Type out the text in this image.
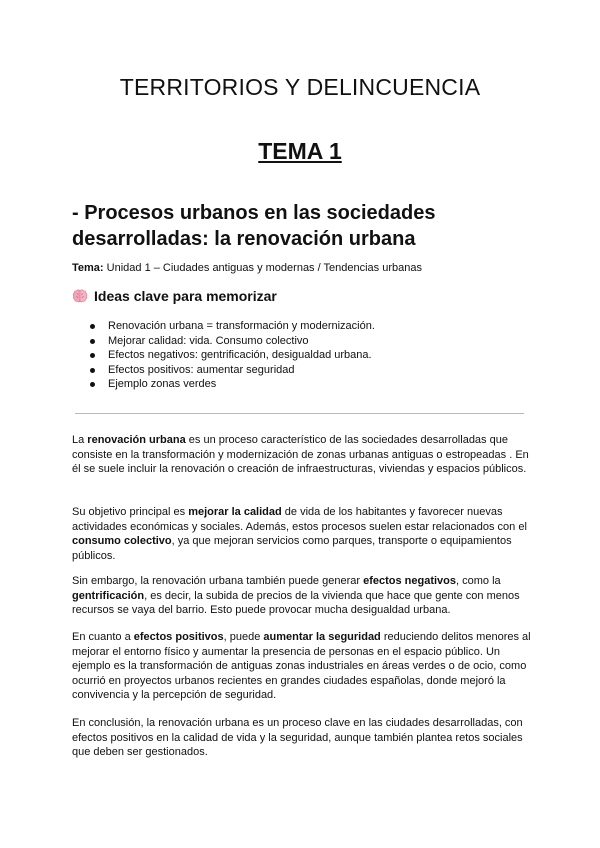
TERRITORIOS Y DELINCUENCIA
TEMA 1
- Procesos urbanos en las sociedades desarrolladas: la renovación urbana
Tema: Unidad 1 – Ciudades antiguas y modernas / Tendencias urbanas
Ideas clave para memorizar
Renovación urbana = transformación y modernización.
Mejorar calidad: vida. Consumo colectivo
Efectos negativos: gentrificación, desigualdad urbana.
Efectos positivos: aumentar seguridad
Ejemplo zonas verdes

La renovación urbana es un proceso característico de las sociedades desarrolladas que consiste en la transformación y modernización de zonas urbanas antiguas o estropeadas . En él se suele incluir la renovación o creación de infraestructuras, viviendas y espacios públicos.

Su objetivo principal es mejorar la calidad de vida de los habitantes y favorecer nuevas actividades económicas y sociales. Además, estos procesos suelen estar relacionados con el consumo colectivo, ya que mejoran servicios como parques, transporte o equipamientos públicos.

Sin embargo, la renovación urbana también puede generar efectos negativos, como la gentrificación, es decir, la subida de precios de la vivienda que hace que gente con menos recursos se vaya del barrio. Esto puede provocar mucha desigualdad urbana.

En cuanto a efectos positivos, puede aumentar la seguridad reduciendo delitos menores al mejorar el entorno físico y aumentar la presencia de personas en el espacio público. Un ejemplo es la transformación de antiguas zonas industriales en áreas verdes o de ocio, como ocurrió en proyectos urbanos recientes en grandes ciudades españolas, donde mejoró la convivencia y la percepción de seguridad.

En conclusión, la renovación urbana es un proceso clave en las ciudades desarrolladas, con efectos positivos en la calidad de vida y la seguridad, aunque también plantea retos sociales que deben ser gestionados.
